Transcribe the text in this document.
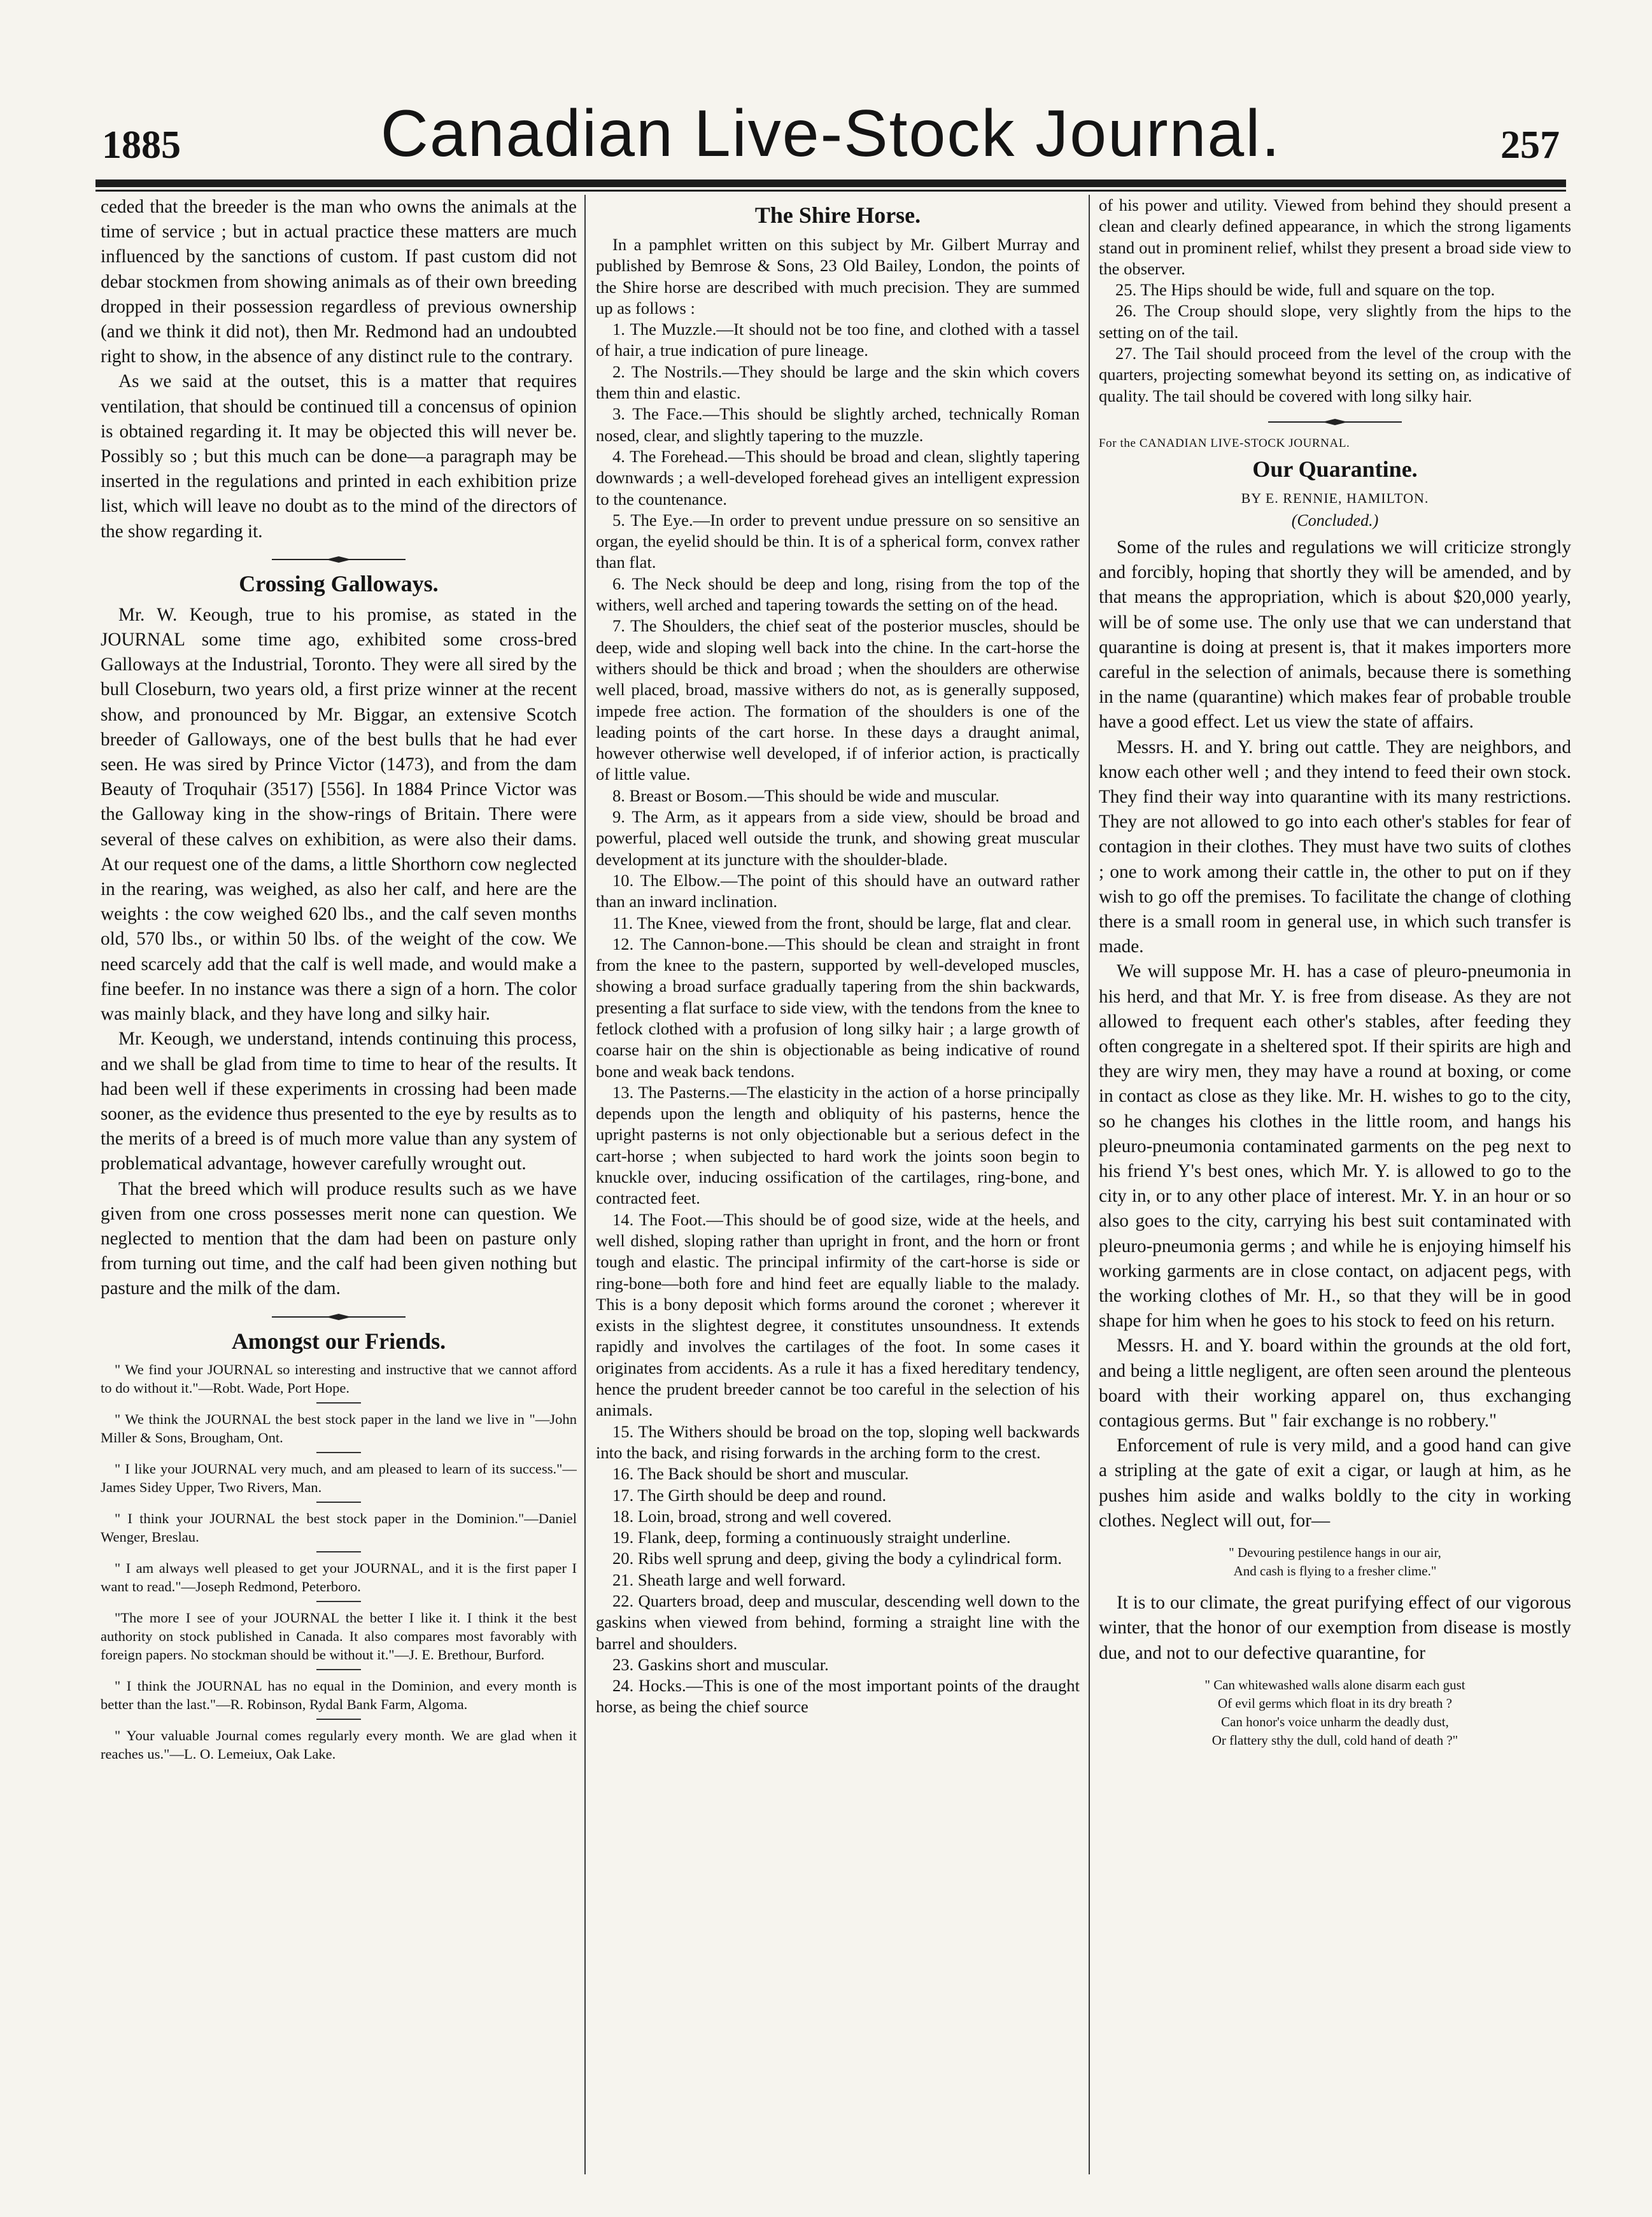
1885	Canadian Live-Stock Journal.	257

ceded that the breeder is the man who owns the animals at the time of service ; but in actual practice these matters are much influenced by the sanctions of custom. If past custom did not debar stockmen from showing animals as of their own breeding dropped in their possession regardless of previous ownership (and we think it did not), then Mr. Redmond had an undoubted right to show, in the absence of any distinct rule to the contrary.

As we said at the outset, this is a matter that requires ventilation, that should be continued till a concensus of opinion is obtained regarding it. It may be objected this will never be. Possibly so ; but this much can be done—a paragraph may be inserted in the regulations and printed in each exhibition prize list, which will leave no doubt as to the mind of the directors of the show regarding it.

Crossing Galloways.

Mr. W. Keough, true to his promise, as stated in the JOURNAL some time ago, exhibited some cross-bred Galloways at the Industrial, Toronto. They were all sired by the bull Closeburn, two years old, a first prize winner at the recent show, and pronounced by Mr. Biggar, an extensive Scotch breeder of Galloways, one of the best bulls that he had ever seen. He was sired by Prince Victor (1473), and from the dam Beauty of Troquhair (3517) [556]. In 1884 Prince Victor was the Galloway king in the show-rings of Britain. There were several of these calves on exhibition, as were also their dams. At our request one of the dams, a little Shorthorn cow neglected in the rearing, was weighed, as also her calf, and here are the weights : the cow weighed 620 lbs., and the calf seven months old, 570 lbs., or within 50 lbs. of the weight of the cow. We need scarcely add that the calf is well made, and would make a fine beefer. In no instance was there a sign of a horn. The color was mainly black, and they have long and silky hair.

Mr. Keough, we understand, intends continuing this process, and we shall be glad from time to time to hear of the results. It had been well if these experiments in crossing had been made sooner, as the evidence thus presented to the eye by results as to the merits of a breed is of much more value than any system of problematical advantage, however carefully wrought out.

That the breed which will produce results such as we have given from one cross possesses merit none can question. We neglected to mention that the dam had been on pasture only from turning out time, and the calf had been given nothing but pasture and the milk of the dam.

Amongst our Friends.

" We find your JOURNAL so interesting and instructive that we cannot afford to do without it."—Robt. Wade, Port Hope.

" We think the JOURNAL the best stock paper in the land we live in "—John Miller & Sons, Brougham, Ont.

" I like your JOURNAL very much, and am pleased to learn of its success."—James Sidey Upper, Two Rivers, Man.

" I think your JOURNAL the best stock paper in the Dominion."—Daniel Wenger, Breslau.

" I am always well pleased to get your JOURNAL, and it is the first paper I want to read."—Joseph Redmond, Peterboro.

"The more I see of your JOURNAL the better I like it. I think it the best authority on stock published in Canada. It also compares most favorably with foreign papers. No stockman should be without it."—J. E. Brethour, Burford.

" I think the JOURNAL has no equal in the Dominion, and every month is better than the last."—R. Robinson, Rydal Bank Farm, Algoma.

" Your valuable Journal comes regularly every month. We are glad when it reaches us."—L. O. Lemeiux, Oak Lake.

The Shire Horse.

In a pamphlet written on this subject by Mr. Gilbert Murray and published by Bemrose & Sons, 23 Old Bailey, London, the points of the Shire horse are described with much precision. They are summed up as follows :

1. The Muzzle.—It should not be too fine, and clothed with a tassel of hair, a true indication of pure lineage.

2. The Nostrils.—They should be large and the skin which covers them thin and elastic.

3. The Face.—This should be slightly arched, technically Roman nosed, clear, and slightly tapering to the muzzle.

4. The Forehead.—This should be broad and clean, slightly tapering downwards ; a well-developed forehead gives an intelligent expression to the countenance.

5. The Eye.—In order to prevent undue pressure on so sensitive an organ, the eyelid should be thin. It is of a spherical form, convex rather than flat.

6. The Neck should be deep and long, rising from the top of the withers, well arched and tapering towards the setting on of the head.

7. The Shoulders, the chief seat of the posterior muscles, should be deep, wide and sloping well back into the chine. In the cart-horse the withers should be thick and broad ; when the shoulders are otherwise well placed, broad, massive withers do not, as is generally supposed, impede free action. The formation of the shoulders is one of the leading points of the cart horse. In these days a draught animal, however otherwise well developed, if of inferior action, is practically of little value.

8. Breast or Bosom.—This should be wide and muscular.

9. The Arm, as it appears from a side view, should be broad and powerful, placed well outside the trunk, and showing great muscular development at its juncture with the shoulder-blade.

10. The Elbow.—The point of this should have an outward rather than an inward inclination.

11. The Knee, viewed from the front, should be large, flat and clear.

12. The Cannon-bone.—This should be clean and straight in front from the knee to the pastern, supported by well-developed muscles, showing a broad surface gradually tapering from the shin backwards, presenting a flat surface to side view, with the tendons from the knee to fetlock clothed with a profusion of long silky hair ; a large growth of coarse hair on the shin is objectionable as being indicative of round bone and weak back tendons.

13. The Pasterns.—The elasticity in the action of a horse principally depends upon the length and obliquity of his pasterns, hence the upright pasterns is not only objectionable but a serious defect in the cart-horse ; when subjected to hard work the joints soon begin to knuckle over, inducing ossification of the cartilages, ring-bone, and contracted feet.

14. The Foot.—This should be of good size, wide at the heels, and well dished, sloping rather than upright in front, and the horn or front tough and elastic. The principal infirmity of the cart-horse is side or ring-bone—both fore and hind feet are equally liable to the malady. This is a bony deposit which forms around the coronet ; wherever it exists in the slightest degree, it constitutes unsoundness. It extends rapidly and involves the cartilages of the foot. In some cases it originates from accidents. As a rule it has a fixed hereditary tendency, hence the prudent breeder cannot be too careful in the selection of his animals.

15. The Withers should be broad on the top, sloping well backwards into the back, and rising forwards in the arching form to the crest.

16. The Back should be short and muscular.

17. The Girth should be deep and round.

18. Loin, broad, strong and well covered.

19. Flank, deep, forming a continuously straight underline.

20. Ribs well sprung and deep, giving the body a cylindrical form.

21. Sheath large and well forward.

22. Quarters broad, deep and muscular, descending well down to the gaskins when viewed from behind, forming a straight line with the barrel and shoulders.

23. Gaskins short and muscular.

24. Hocks.—This is one of the most important points of the draught horse, as being the chief source

of his power and utility. Viewed from behind they should present a clean and clearly defined appearance, in which the strong ligaments stand out in prominent relief, whilst they present a broad side view to the observer.

25. The Hips should be wide, full and square on the top.

26. The Croup should slope, very slightly from the hips to the setting on of the tail.

27. The Tail should proceed from the level of the croup with the quarters, projecting somewhat beyond its setting on, as indicative of quality. The tail should be covered with long silky hair.

For the CANADIAN LIVE-STOCK JOURNAL.

Our Quarantine.

BY E. RENNIE, HAMILTON.

(Concluded.)

Some of the rules and regulations we will criticize strongly and forcibly, hoping that shortly they will be amended, and by that means the appropriation, which is about $20,000 yearly, will be of some use. The only use that we can understand that quarantine is doing at present is, that it makes importers more careful in the selection of animals, because there is something in the name (quarantine) which makes fear of probable trouble have a good effect. Let us view the state of affairs.

Messrs. H. and Y. bring out cattle. They are neighbors, and know each other well ; and they intend to feed their own stock. They find their way into quarantine with its many restrictions. They are not allowed to go into each other's stables for fear of contagion in their clothes. They must have two suits of clothes ; one to work among their cattle in, the other to put on if they wish to go off the premises. To facilitate the change of clothing there is a small room in general use, in which such transfer is made.

We will suppose Mr. H. has a case of pleuro-pneumonia in his herd, and that Mr. Y. is free from disease. As they are not allowed to frequent each other's stables, after feeding they often congregate in a sheltered spot. If their spirits are high and they are wiry men, they may have a round at boxing, or come in contact as close as they like. Mr. H. wishes to go to the city, so he changes his clothes in the little room, and hangs his pleuro-pneumonia contaminated garments on the peg next to his friend Y's best ones, which Mr. Y. is allowed to go to the city in, or to any other place of interest. Mr. Y. in an hour or so also goes to the city, carrying his best suit contaminated with pleuro-pneumonia germs ; and while he is enjoying himself his working garments are in close contact, on adjacent pegs, with the working clothes of Mr. H., so that they will be in good shape for him when he goes to his stock to feed on his return.

Messrs. H. and Y. board within the grounds at the old fort, and being a little negligent, are often seen around the plenteous board with their working apparel on, thus exchanging contagious germs. But " fair exchange is no robbery."

Enforcement of rule is very mild, and a good hand can give a stripling at the gate of exit a cigar, or laugh at him, as he pushes him aside and walks boldly to the city in working clothes. Neglect will out, for—

" Devouring pestilence hangs in our air,

And cash is flying to a fresher clime."

It is to our climate, the great purifying effect of our vigorous winter, that the honor of our exemption from disease is mostly due, and not to our defective quarantine, for

" Can whitewashed walls alone disarm each gust

Of evil germs which float in its dry breath ?

Can honor's voice unharm the deadly dust,

Or flattery sthy the dull, cold hand of death ?"
